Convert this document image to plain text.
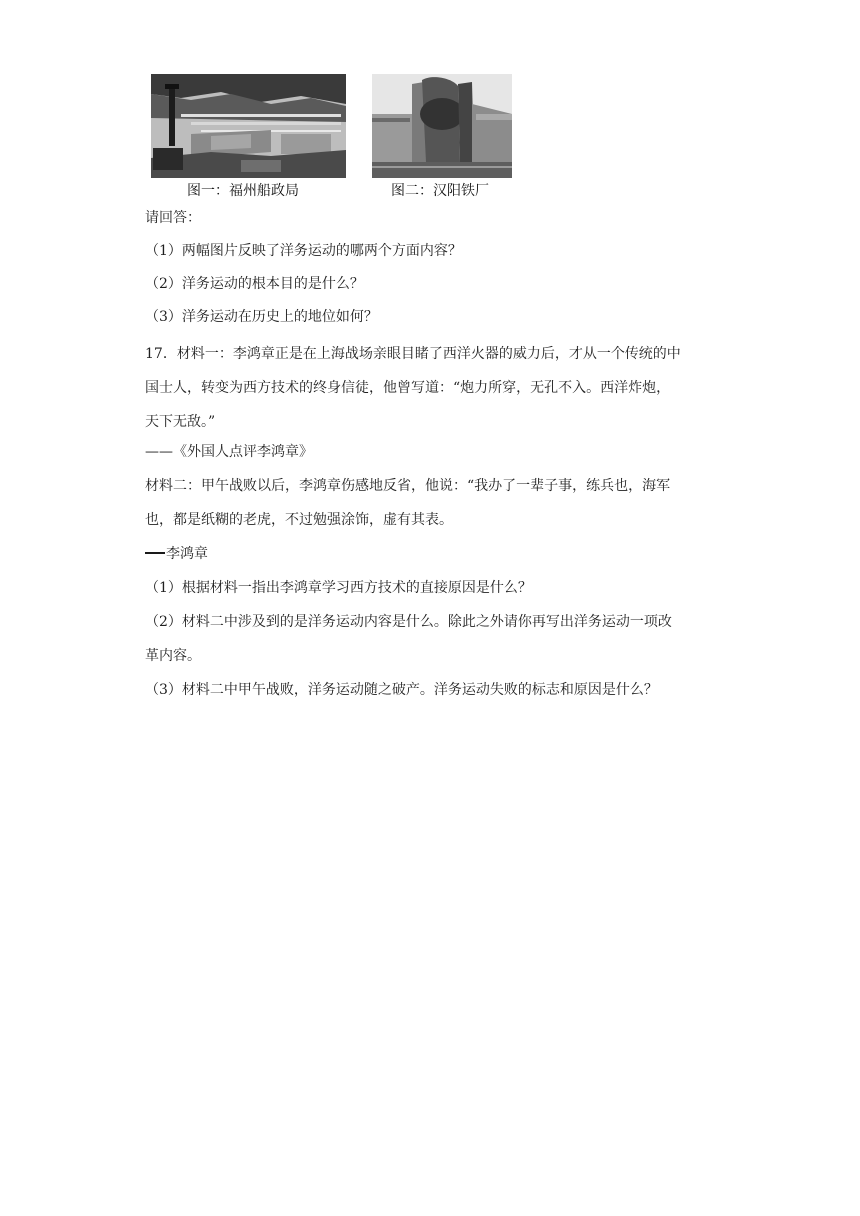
图一：福州船政局	图二：汉阳铁厂
请回答：
（1）两幅图片反映了洋务运动的哪两个方面内容？
（2）洋务运动的根本目的是什么？
（3）洋务运动在历史上的地位如何？
17．材料一：李鸿章正是在上海战场亲眼目睹了西洋火器的威力后，才从一个传统的中
国士人，转变为西方技术的终身信徒，他曾写道：“炮力所穿，无孔不入。西洋炸炮，
天下无敌。”
——《外国人点评李鸿章》
材料二：甲午战败以后，李鸿章伤感地反省，他说：“我办了一辈子事，练兵也，海军
也，都是纸糊的老虎，不过勉强涂饰，虚有其表。
李鸿章
（1）根据材料一指出李鸿章学习西方技术的直接原因是什么？
（2）材料二中涉及到的是洋务运动内容是什么。除此之外请你再写出洋务运动一项改
革内容。
（3）材料二中甲午战败，洋务运动随之破产。洋务运动失败的标志和原因是什么？
